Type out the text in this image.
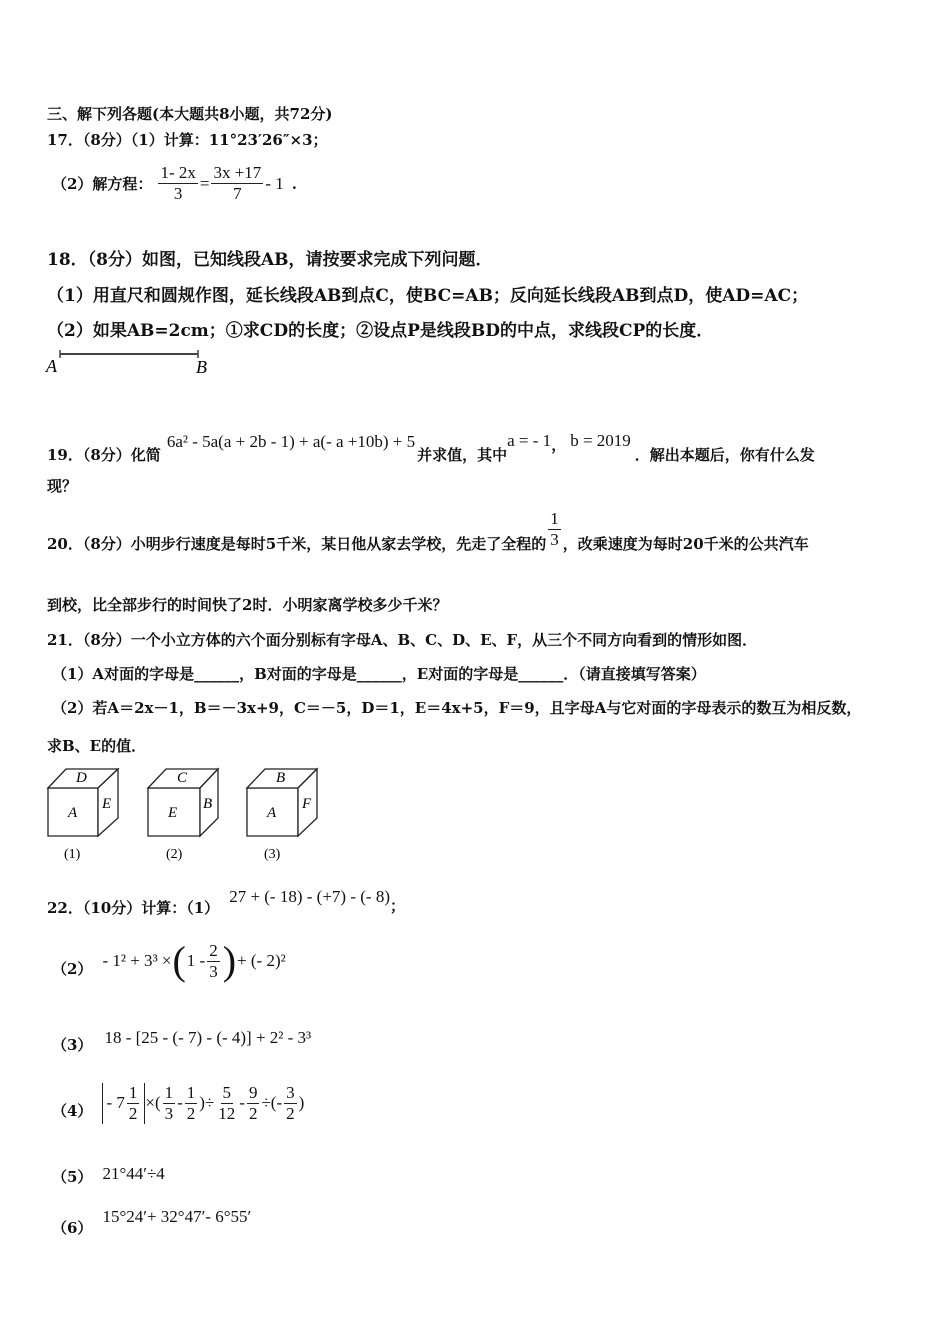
三、解下列各题(本大题共8小题，共72分)
17．（8分）（1）计算：11°23′26″×3；
（2）解方程： $\frac{1- 2x}{3} = \frac{3x +17}{7} - 1$ .
18．（8分）如图，已知线段AB，请按要求完成下列问题．
（1）用直尺和圆规作图，延长线段AB到点C，使BC=AB；反向延长线段AB到点D，使AD=AC；
（2）如果AB=2cm；①求CD的长度；②设点P是线段BD的中点，求线段CP的长度．
A	B
19．（8分）化简
6a² - 5a(a + 2b - 1) + a(- a +10b) + 5
并求值，其中
a = - 1 ， b = 2019
．解出本题后，你有什么发
现？
20．（8分）小明步行速度是每时5千米，某日他从家去学校，先走了全程的 $\frac{1}{3}$ ，改乘速度为每时20千米的公共汽车
到校，比全部步行的时间快了2时．小明家离学校多少千米？
21．（8分）一个小立方体的六个面分别标有字母A、B、C、D、E、F，从三个不同方向看到的情形如图．
（1）A对面的字母是______，B对面的字母是______，E对面的字母是______．（请直接填写答案）
（2）若A＝2x－1，B＝－3x+9，C＝－5，D＝1，E＝4x+5，F＝9，且字母A与它对面的字母表示的数互为相反数，
求B、E的值．
D
A
E
(1)
C
E
B
(2)
B
A
F
(3)
22．（10分）计算：（1）
27 + (- 18) - (+7) - (- 8)
；
（2） - 1² + 3³ × ( $1 - \frac{2}{3}$ ) + (- 2)²
（3） 18 - [25 - (- 7) - (- 4)] + 2² - 3³
$(4) - 7 \frac{1}{2}$ ×( $\frac{1}{3} - \frac{1}{2}$ )÷ $\frac{5}{12} - \frac{9}{2}$ ÷(- $\frac{3}{2}$ )
（5） 21°44′÷4
（6）
15°24′+ 32°47′- 6°55′
